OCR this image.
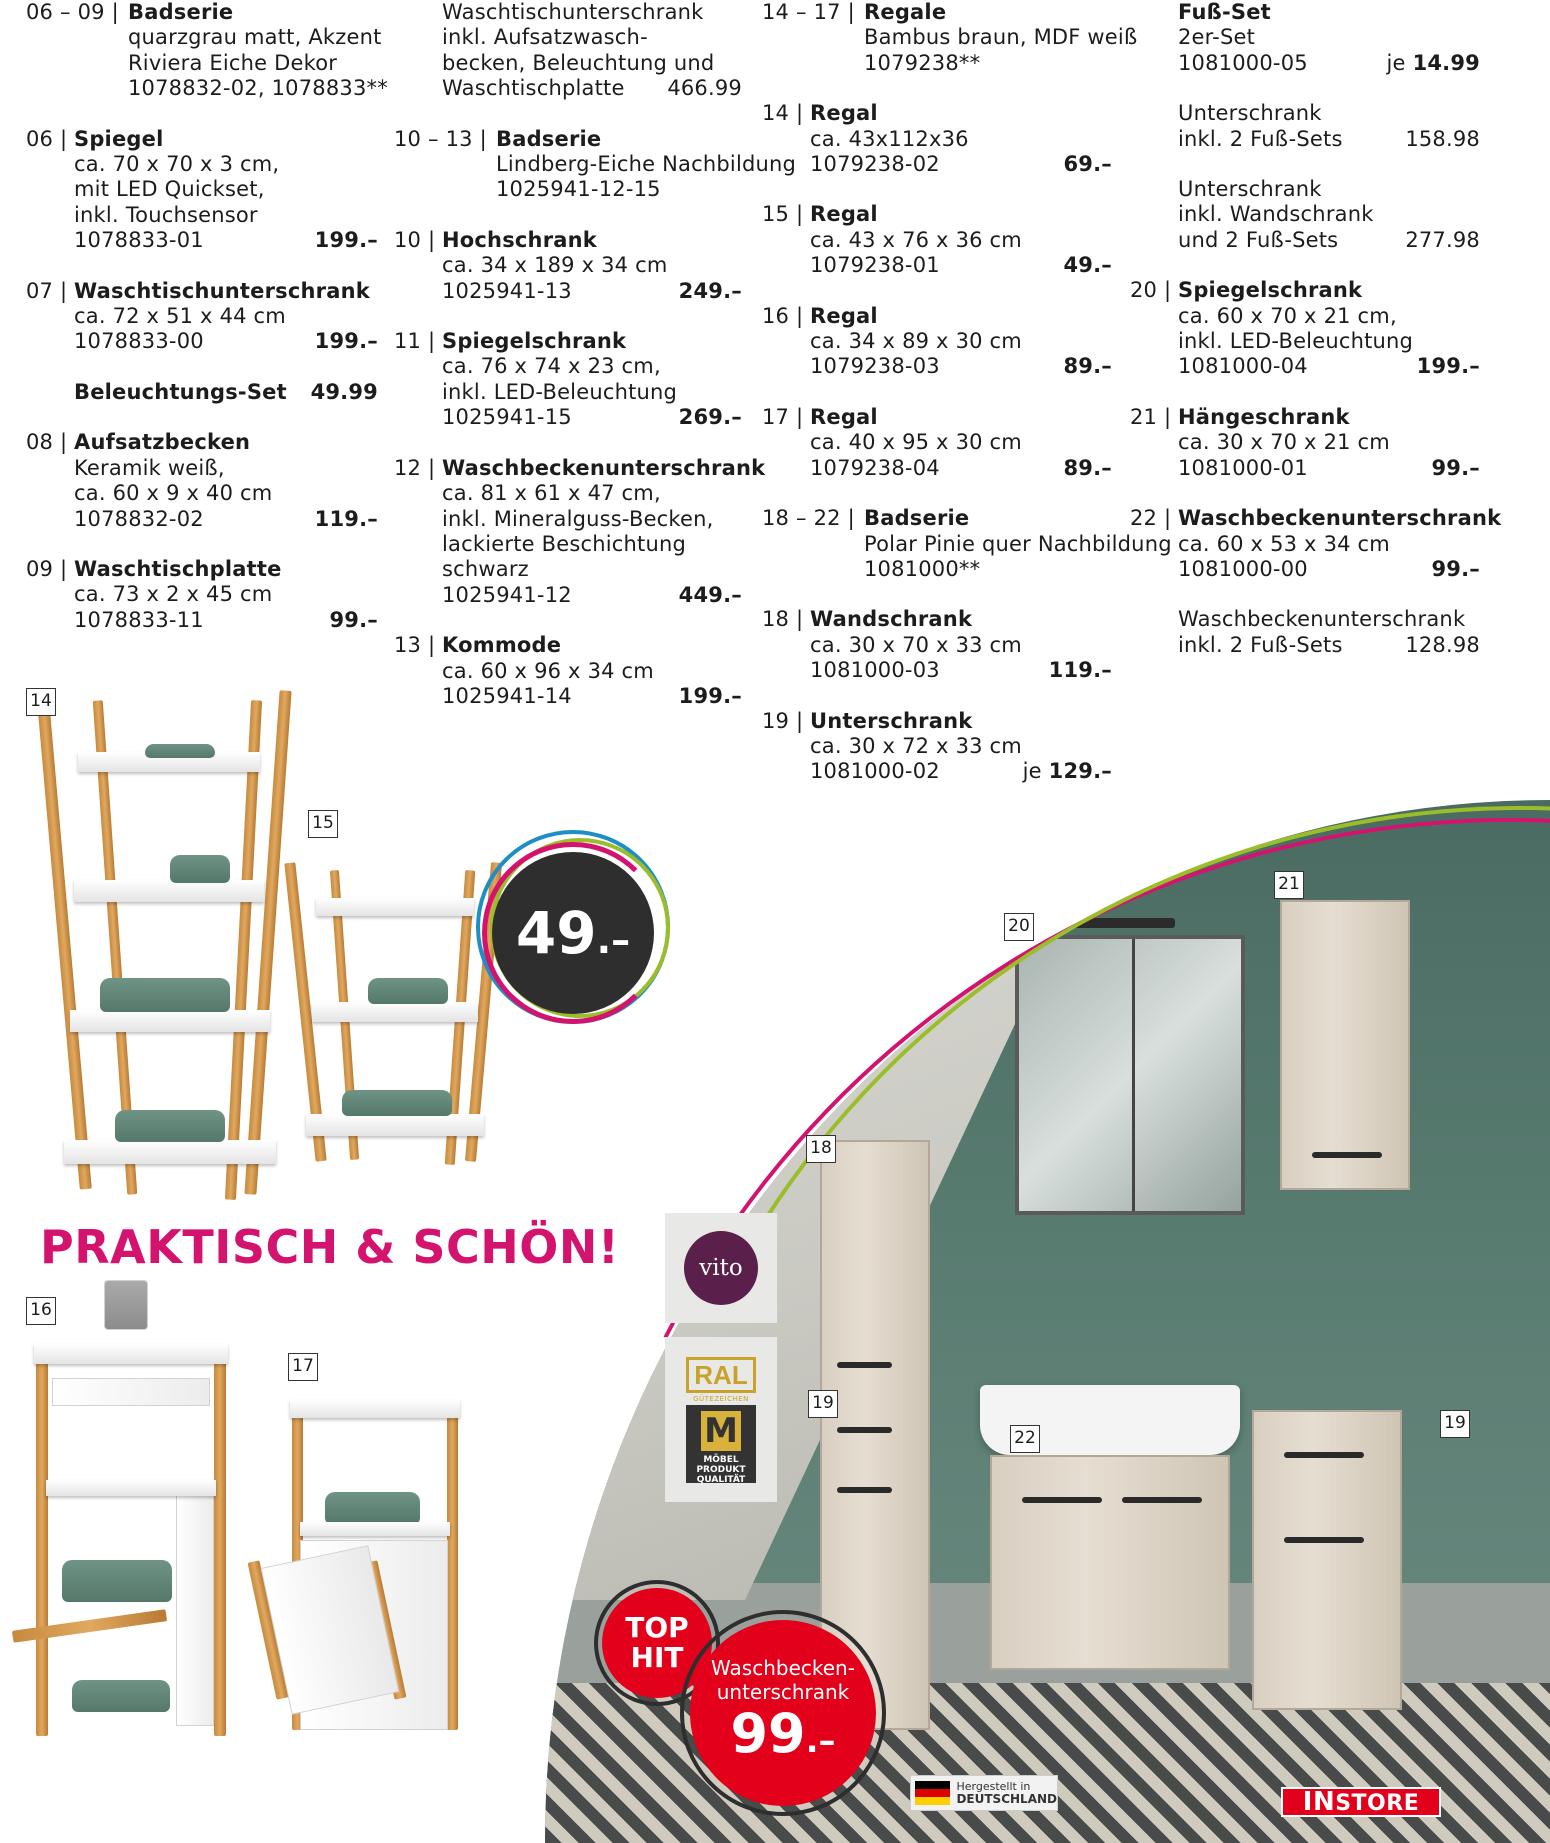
06 – 09 | Badserie
quarzgrau matt, Akzent
Riviera Eiche Dekor
1078832-02, 1078833**
06 | Spiegel
ca. 70 x 70 x 3 cm,
mit LED Quickset,
inkl. Touchsensor
1078833-01	199.–
07 | Waschtischunterschrank
ca. 72 x 51 x 44 cm
1078833-00	199.–
Beleuchtungs-Set 49.99
08 | Aufsatzbecken
Keramik weiß,
ca. 60 x 9 x 40 cm
1078832-02	119.–
09 | Waschtischplatte
ca. 73 x 2 x 45 cm
1078833-11	99.–
Waschtischunterschrank
inkl. Aufsatzwasch-
becken, Beleuchtung und
Waschtischplatte 466.99
10 – 13 | Badserie
Lindberg-Eiche Nachbildung
1025941-12-15
10 | Hochschrank
ca. 34 x 189 x 34 cm
1025941-13	249.–
11 | Spiegelschrank
ca. 76 x 74 x 23 cm,
inkl. LED-Beleuchtung
1025941-15	269.–
12 | Waschbeckenunterschrank
ca. 81 x 61 x 47 cm,
inkl. Mineralguss-Becken,
lackierte Beschichtung
schwarz
1025941-12	449.–
13 | Kommode
ca. 60 x 96 x 34 cm
1025941-14	199.–
14 – 17 | Regale
Bambus braun, MDF weiß
1079238**
14 | Regal
ca. 43x112x36
1079238-02	69.–
15 | Regal
ca. 43 x 76 x 36 cm
1079238-01	49.–
16 | Regal
ca. 34 x 89 x 30 cm
1079238-03	89.–
17 | Regal
ca. 40 x 95 x 30 cm
1079238-04	89.–
18 – 22 | Badserie
Polar Pinie quer Nachbildung
1081000**
18 | Wandschrank
ca. 30 x 70 x 33 cm
1081000-03	119.–
19 | Unterschrank
ca. 30 x 72 x 33 cm
1081000-02	je 129.–
Fuß-Set
2er-Set
1081000-05	je 14.99
Unterschrank
inkl. 2 Fuß-Sets	158.98
Unterschrank
inkl. Wandschrank
und 2 Fuß-Sets	277.98
20 | Spiegelschrank
ca. 60 x 70 x 21 cm,
inkl. LED-Beleuchtung
1081000-04	199.–
21 | Hängeschrank
ca. 30 x 70 x 21 cm
1081000-01	99.–
22 | Waschbeckenunterschrank
ca. 60 x 53 x 34 cm
1081000-00	99.–
Waschbeckenunterschrank
inkl. 2 Fuß-Sets	128.98
14
15
16
17
18
19
19
20
21
22
49 .–
PRAKTISCH & SCHÖN!	vito
RAL
GÜTEZEICHEN
M
MÖBEL
PRODUKT
QUALITÄT
TOP
HIT Waschbecken-
unterschrank
99.–
Hergestellt in
DEUTSCHLAND	INSTORE
